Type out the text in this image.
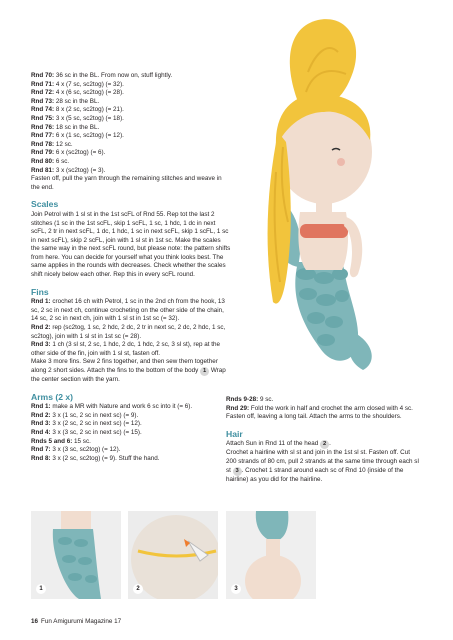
Rnd 70: 36 sc in the BL. From now on, stuff lightly.

Rnd 71: 4 x (7 sc, sc2tog) (= 32).

Rnd 72: 4 x (6 sc, sc2tog) (= 28).

Rnd 73: 28 sc in the BL.

Rnd 74: 8 x (2 sc, sc2tog) (= 21).

Rnd 75: 3 x (5 sc, sc2tog) (= 18).

Rnd 76: 18 sc in the BL.

Rnd 77: 6 x (1 sc, sc2tog) (= 12).

Rnd 78: 12 sc.

Rnd 79: 6 x (sc2tog) (= 6).

Rnd 80: 6 sc.

Rnd 81: 3 x (sc2tog) (= 3).

Fasten off, pull the yarn through the remaining stitches and weave in the end.

Scales

Join Petrol with 1 sl st in the 1st scFL of Rnd 55. Rep tot the last 2 stitches (1 sc in the 1st scFL, skip 1 scFL, 1 sc, 1 hdc, 1 dc in next scFL, 2 tr in next scFL, 1 dc, 1 hdc, 1 sc in next scFL, skip 1 scFL, 1 sc in next scFL), skip 2 scFL, join with 1 sl st in 1st sc. Make the scales the same way in the next scFL round, but please note: the pattern shifts from here. You can decide for yourself what you think looks best. The same applies in the rounds with decreases. Check whether the scales shift nicely below each other. Rep this in every scFL round.

Fins

Rnd 1: crochet 16 ch with Petrol, 1 sc in the 2nd ch from the hook, 13 sc, 2 sc in next ch, continue crocheting on the other side of the chain, 14 sc, 2 sc in next ch, join with 1 sl st in 1st sc (= 32).

Rnd 2: rep (sc2tog, 1 sc, 2 hdc, 2 dc, 2 tr in next sc, 2 dc, 2 hdc, 1 sc, sc2tog), join with 1 sl st in 1st sc (= 28).

Rnd 3: 1 ch (3 sl st, 2 sc, 1 hdc, 2 dc, 1 hdc, 2 sc, 3 sl st), rep at the other side of the fin, join with 1 sl st, fasten off.

Make 3 more fins. Sew 2 fins together, and then sew them together along 2 short sides. Attach the fins to the bottom of the body 1 Wrap the center section with the yarn.

Arms (2 x)

Rnd 1: make a MR with Nature and work 6 sc into it (= 6).

Rnd 2: 3 x (1 sc, 2 sc in next sc) (= 9).

Rnd 3: 3 x (2 sc, 2 sc in next sc) (= 12).

Rnd 4: 3 x (3 sc, 2 sc in next sc) (= 15).

Rnds 5 and 6: 15 sc.

Rnd 7: 3 x (3 sc, sc2tog) (= 12).

Rnd 8: 3 x (2 sc, sc2tog) (= 9). Stuff the hand.

Rnds 9-28: 9 sc.

Rnd 29: Fold the work in half and crochet the arm closed with 4 sc. Fasten off, leaving a long tail. Attach the arms to the shoulders.

Hair

Attach Sun in Rnd 11 of the head 2 .

Crochet a hairline with sl st and join in the 1st sl st. Fasten off. Cut 200 strands of 80 cm, pull 2 strands at the same time through each sl st 3 . Crochet 1 strand around each sc of Rnd 10 (inside of the hairline) as you did for the hairline.

1	2	3
16 Fun Amigurumi Magazine 17
